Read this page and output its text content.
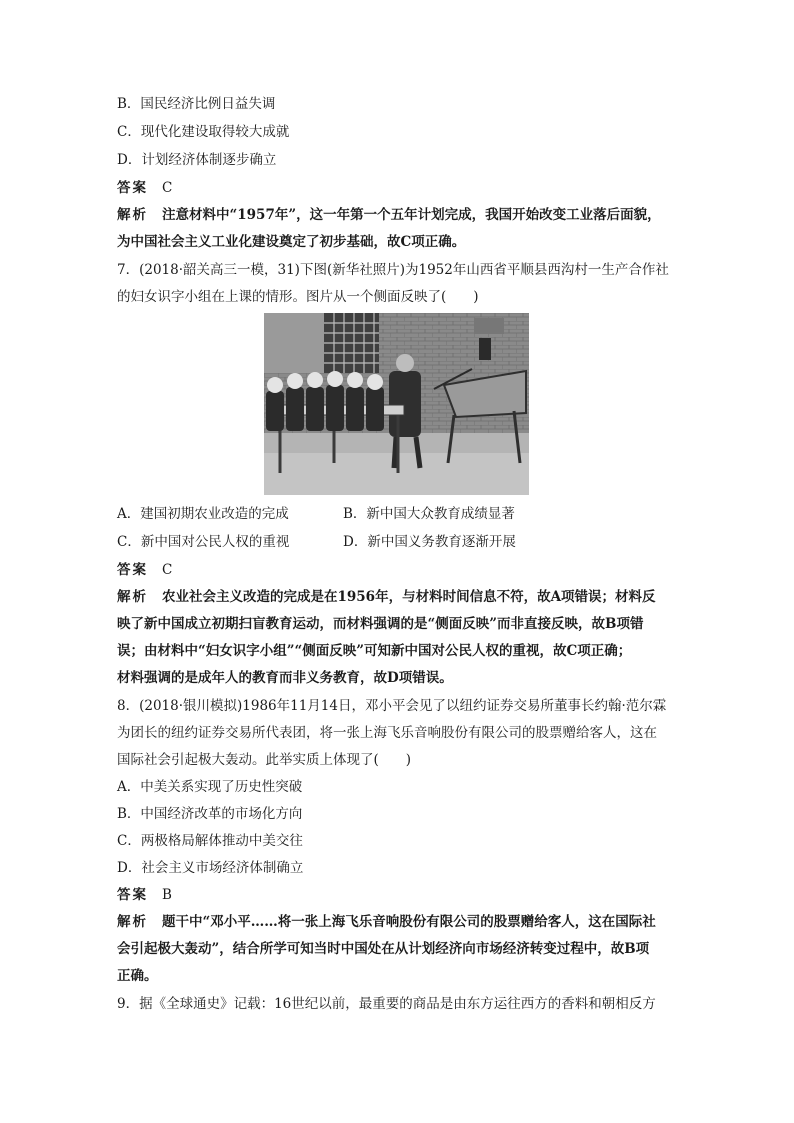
B．国民经济比例日益失调
C．现代化建设取得较大成就
D．计划经济体制逐步确立
答案 C
解析 注意材料中“1957年”，这一年第一个五年计划完成，我国开始改变工业落后面貌，
为中国社会主义工业化建设奠定了初步基础，故C项正确。
7．(2018·韶关高三一模，31)下图(新华社照片)为1952年山西省平顺县西沟村一生产合作社
的妇女识字小组在上课的情形。图片从一个侧面反映了(　　)
A．建国初期农业改造的完成	B．新中国大众教育成绩显著
C．新中国对公民人权的重视	D．新中国义务教育逐渐开展
答案 C
解析 农业社会主义改造的完成是在1956年，与材料时间信息不符，故A项错误；材料反
映了新中国成立初期扫盲教育运动，而材料强调的是“侧面反映”而非直接反映，故B项错
误；由材料中“妇女识字小组”“侧面反映”可知新中国对公民人权的重视，故C项正确；
材料强调的是成年人的教育而非义务教育，故D项错误。
8．(2018·银川模拟)1986年11月14日，邓小平会见了以纽约证券交易所董事长约翰·范尔霖
为团长的纽约证券交易所代表团，将一张上海飞乐音响股份有限公司的股票赠给客人，这在
国际社会引起极大轰动。此举实质上体现了(　　)
A．中美关系实现了历史性突破
B．中国经济改革的市场化方向
C．两极格局解体推动中美交往
D．社会主义市场经济体制确立
答案 B
解析 题干中“邓小平……将一张上海飞乐音响股份有限公司的股票赠给客人，这在国际社
会引起极大轰动”，结合所学可知当时中国处在从计划经济向市场经济转变过程中，故B项
正确。
9．据《全球通史》记载：16世纪以前，最重要的商品是由东方运往西方的香料和朝相反方
